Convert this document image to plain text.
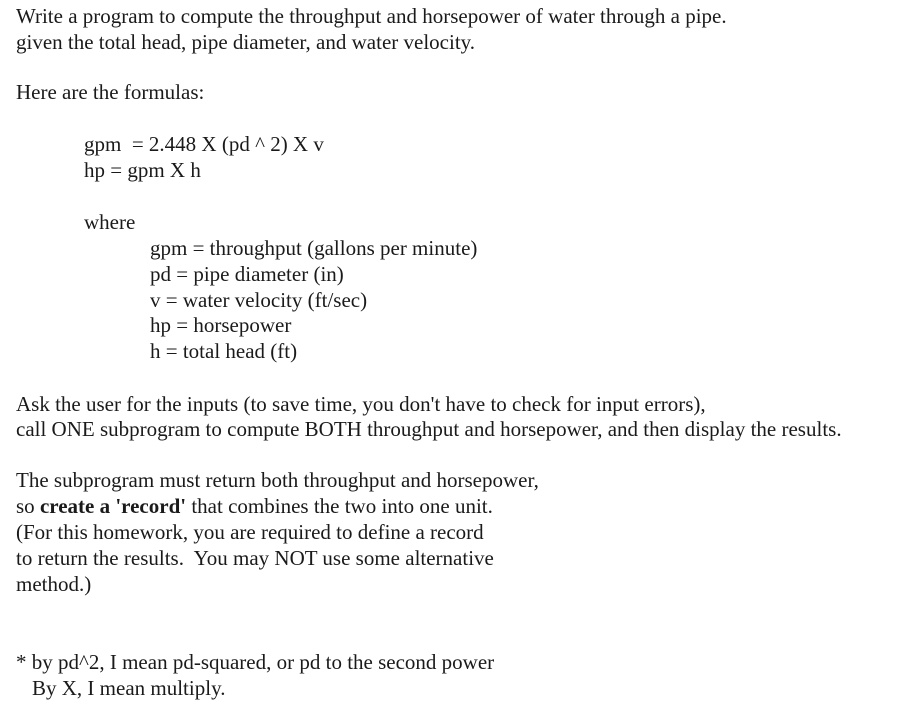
Write a program to compute the throughput and horsepower of water through a pipe.
given the total head, pipe diameter, and water velocity.
Here are the formulas:
gpm  = 2.448 X (pd ^ 2) X v
hp = gpm X h
where
gpm = throughput (gallons per minute)
pd = pipe diameter (in)
v = water velocity (ft/sec)
hp = horsepower
h = total head (ft)
Ask the user for the inputs (to save time, you don't have to check for input errors),
call ONE subprogram to compute BOTH throughput and horsepower, and then display the results.
The subprogram must return both throughput and horsepower,
so create a 'record' that combines the two into one unit.
(For this homework, you are required to define a record
to return the results.  You may NOT use some alternative
method.)
* by pd^2, I mean pd-squared, or pd to the second power
By X, I mean multiply.
